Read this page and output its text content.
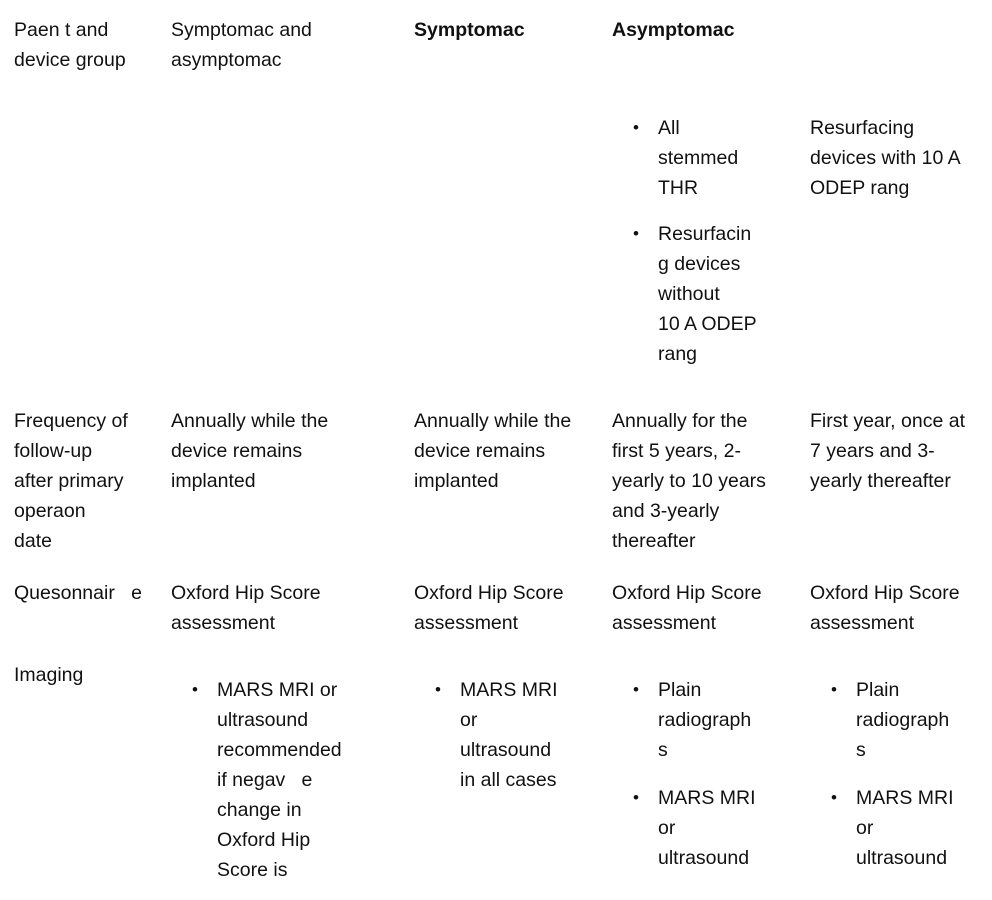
Paen t and
device group
Symptomac and
asymptomac
Symptomac	Asymptomac
• All
stemmed
THR
• Resurfacin
g devices
without
10 A ODEP
rang
Resurfacing
devices with 10 A
ODEP rang
Frequency of
follow-up
after primary
operaon
date
Annually while the
device remains
implanted
Annually while the
device remains
implanted
Annually for the
first 5 years, 2-
yearly to 10 years
and 3-yearly
thereafter
First year, once at
7 years and 3-
yearly thereafter
Quesonnair   e Oxford Hip Score
assessment
Oxford Hip Score
assessment
Oxford Hip Score
assessment
Oxford Hip Score
assessment
Imaging
• MARS MRI or
ultrasound
recommended
if negav   e
change in
Oxford Hip
Score is
• MARS MRI
or
ultrasound
in all cases
• Plain
radiograph
s
• MARS MRI
or
ultrasound
• Plain
radiograph
s
• MARS MRI
or
ultrasound
